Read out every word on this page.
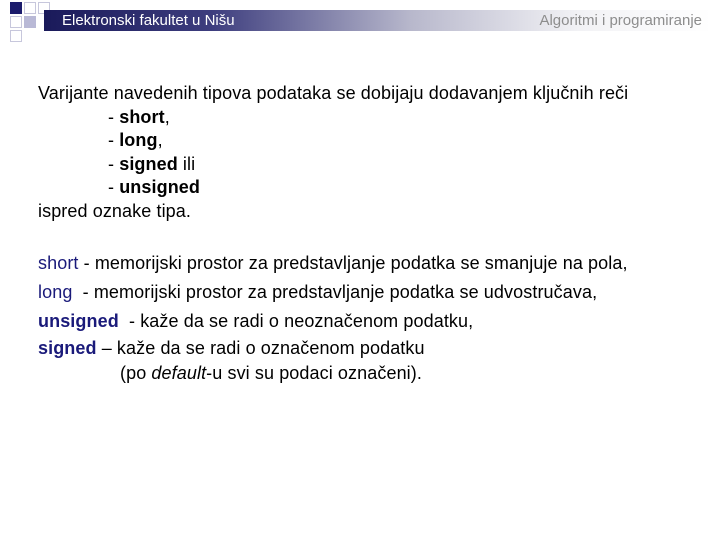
Elektronski fakultet u Nišu	Algoritmi i programiranje
Varijante navedenih tipova podataka se dobijaju dodavanjem ključnih reči
- short,
- long,
- signed ili
- unsigned
ispred oznake tipa.
short - memorijski prostor za predstavljanje podatka se smanjuje na pola,
long  - memorijski prostor za predstavljanje podatka se udvostručava,
unsigned  - kaže da se radi o neoznačenom podatku,
signed – kaže da se radi o označenom podatku
(po default-u svi su podaci označeni).
